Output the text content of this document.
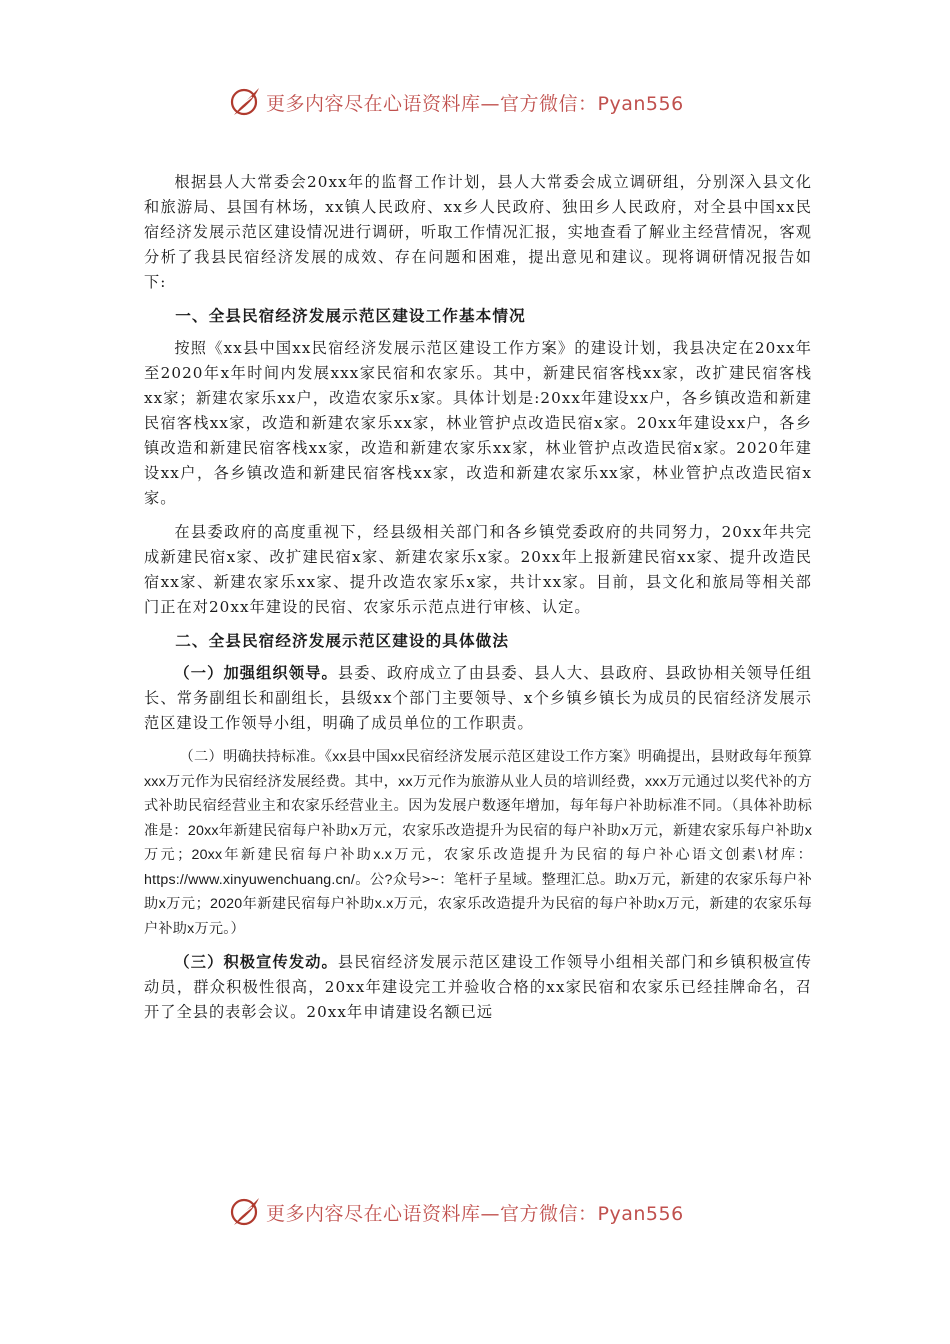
更多内容尽在心语资料库—官方微信：Pyan556

根据县人大常委会20xx年的监督工作计划，县人大常委会成立调研组，分别深入县文化和旅游局、县国有林场，xx镇人民政府、xx乡人民政府、独田乡人民政府，对全县中国xx民宿经济发展示范区建设情况进行调研，听取工作情况汇报，实地查看了解业主经营情况，客观分析了我县民宿经济发展的成效、存在问题和困难，提出意见和建议。现将调研情况报告如下:

一、全县民宿经济发展示范区建设工作基本情况

按照《xx县中国xx民宿经济发展示范区建设工作方案》的建设计划，我县决定在20xx年至2020年x年时间内发展xxx家民宿和农家乐。其中，新建民宿客栈xx家，改扩建民宿客栈xx家；新建农家乐xx户，改造农家乐x家。具体计划是:20xx年建设xx户，各乡镇改造和新建民宿客栈xx家，改造和新建农家乐xx家，林业管护点改造民宿x家。20xx年建设xx户，各乡镇改造和新建民宿客栈xx家，改造和新建农家乐xx家，林业管护点改造民宿x家。2020年建设xx户，各乡镇改造和新建民宿客栈xx家，改造和新建农家乐xx家，林业管护点改造民宿x家。

在县委政府的高度重视下，经县级相关部门和各乡镇党委政府的共同努力，20xx年共完成新建民宿x家、改扩建民宿x家、新建农家乐x家。20xx年上报新建民宿xx家、提升改造民宿xx家、新建农家乐xx家、提升改造农家乐x家，共计xx家。目前，县文化和旅局等相关部门正在对20xx年建设的民宿、农家乐示范点进行审核、认定。

二、全县民宿经济发展示范区建设的具体做法

（一）加强组织领导。县委、政府成立了由县委、县人大、县政府、县政协相关领导任组长、常务副组长和副组长，县级xx个部门主要领导、x个乡镇乡镇长为成员的民宿经济发展示范区建设工作领导小组，明确了成员单位的工作职责。

（二）明确扶持标准。《xx县中国xx民宿经济发展示范区建设工作方案》明确提出，县财政每年预算xxx万元作为民宿经济发展经费。其中，xx万元作为旅游从业人员的培训经费，xxx万元通过以奖代补的方式补助民宿经营业主和农家乐经营业主。因为发展户数逐年增加，每年每户补助标准不同。（具体补助标准是：20xx年新建民宿每户补助x万元，农家乐改造提升为民宿的每户补助x万元，新建农家乐每户补助x万元；20xx年新建民宿每户补助x.x万元，农家乐改造提升为民宿的每户补心语文创素\材库：https://www.xinyuwenchuang.cn/。公?众号>~：笔杆子星域。整理汇总。助x万元，新建的农家乐每户补助x万元；2020年新建民宿每户补助x.x万元，农家乐改造提升为民宿的每户补助x万元，新建的农家乐每户补助x万元。）

（三）积极宣传发动。县民宿经济发展示范区建设工作领导小组相关部门和乡镇积极宣传动员，群众积极性很高，20xx年建设完工并验收合格的xx家民宿和农家乐已经挂牌命名，召开了全县的表彰会议。20xx年申请建设名额已远

更多内容尽在心语资料库—官方微信：Pyan556
